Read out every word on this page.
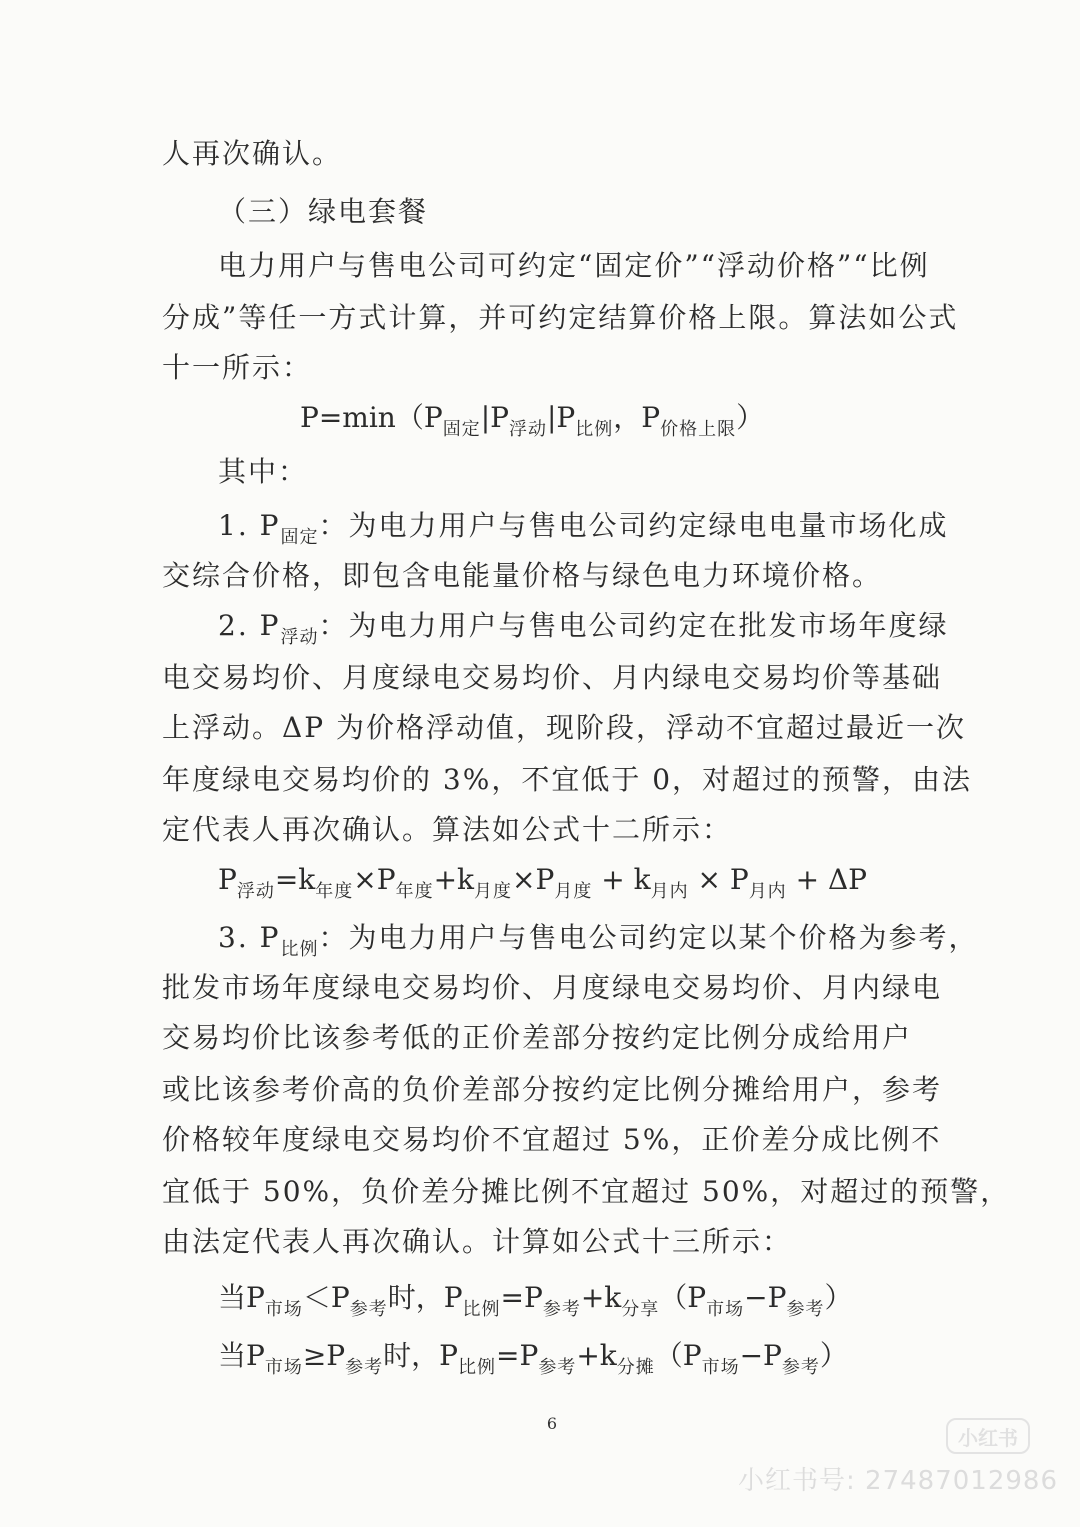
人再次确认。
（三）绿电套餐
电力用户与售电公司可约定“固定价”“浮动价格”“比例
分成”等任一方式计算，并可约定结算价格上限。算法如公式
十一所示：
$P=\min(P_{固定}|P_{浮动}|P_{比例}$，$P_{价格上限}$）
其中：
1. $P_{固定}$：为电力用户与售电公司约定绿电电量市场化成
交综合价格，即包含电能量价格与绿色电力环境价格。
2. $P_{浮动}$：为电力用户与售电公司约定在批发市场年度绿
电交易均价、月度绿电交易均价、月内绿电交易均价等基础
上浮动。ΔP 为价格浮动值，现阶段，浮动不宜超过最近一次
年度绿电交易均价的 3%，不宜低于 0，对超过的预警，由法
定代表人再次确认。算法如公式十二所示：
$P_{浮动}=k_{年度}\times P_{年度}+k_{月度}\times P_{月度} + k_{月内} \times P_{月内} + \Delta P$
3. $P_{比例}$：为电力用户与售电公司约定以某个价格为参考，
批发市场年度绿电交易均价、月度绿电交易均价、月内绿电
交易均价比该参考低的正价差部分按约定比例分成给用户
或比该参考价高的负价差部分按约定比例分摊给用户，参考
价格较年度绿电交易均价不宜超过 5%，正价差分成比例不
宜低于 50%，负价差分摊比例不宜超过 50%，对超过的预警，
由法定代表人再次确认。计算如公式十三所示：
当$P_{市场}<P_{参考}$时，$P_{比例}=P_{参考}+k_{分享}(P_{市场}-P_{参考})$
当$P_{市场}\ge P_{参考}$时，$P_{比例}=P_{参考}+k_{分摊}(P_{市场}-P_{参考})$
6
小红书
小红书号: 27487012986
